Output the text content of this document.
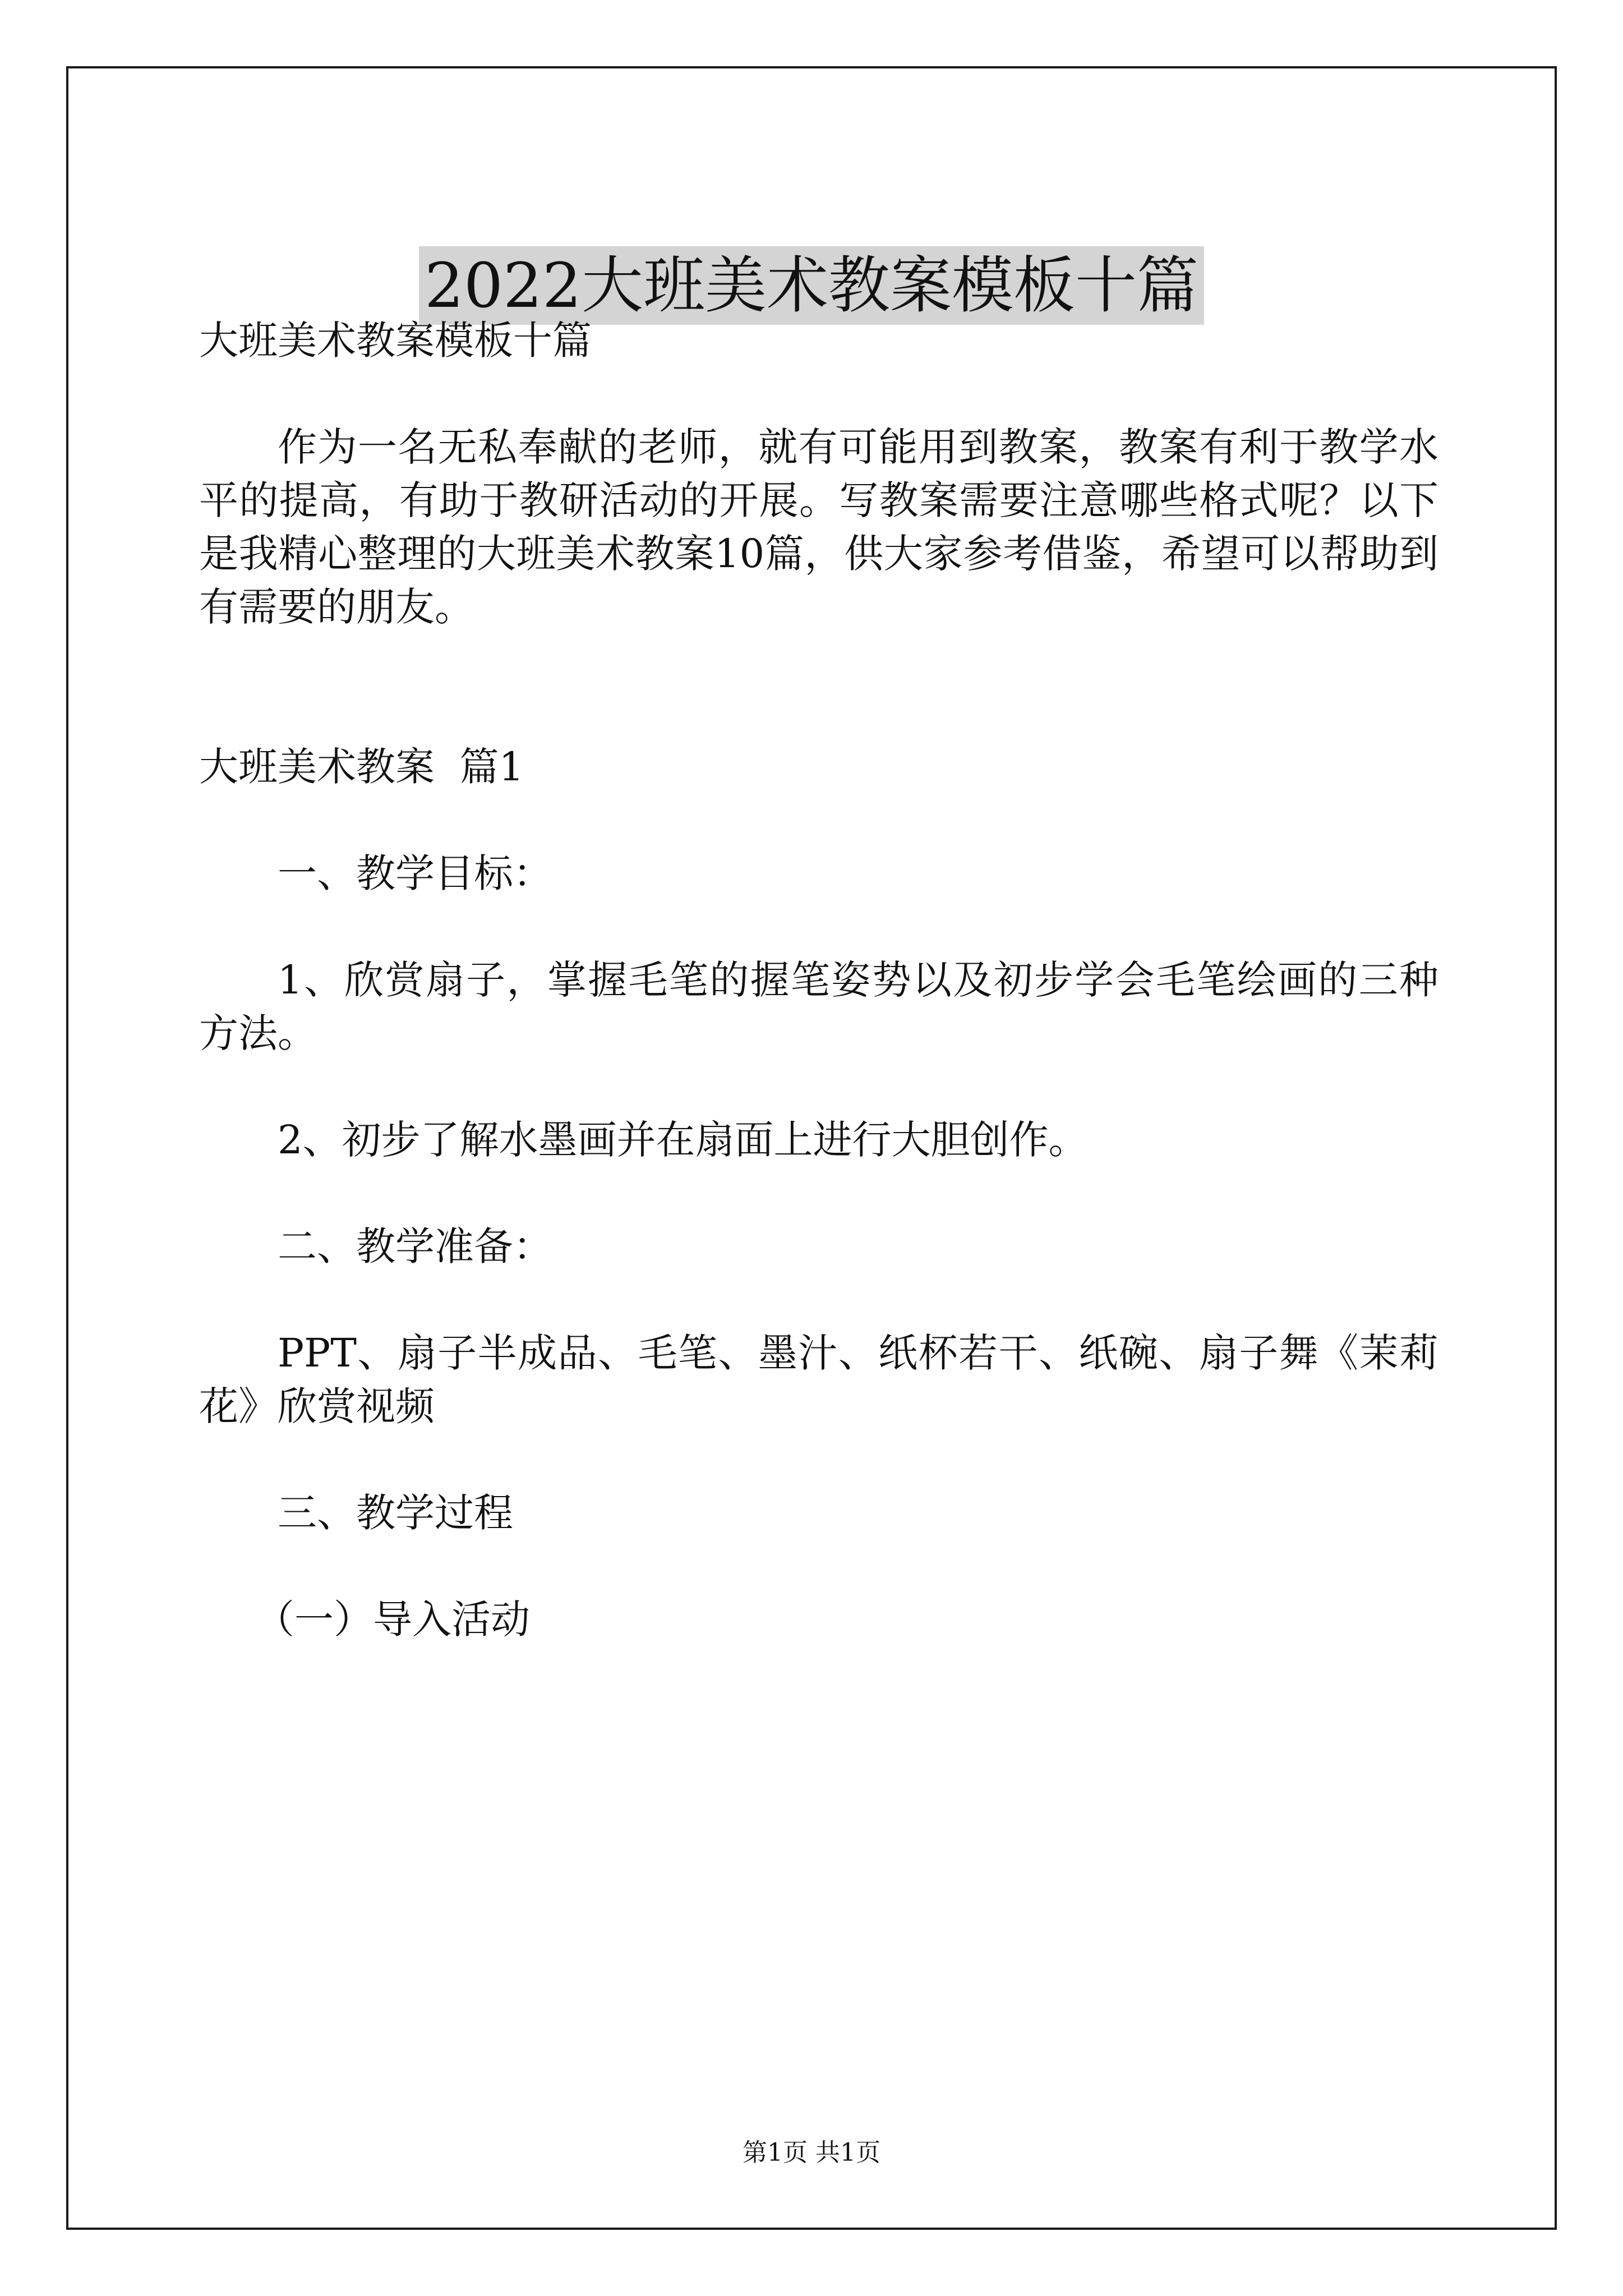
2022大班美术教案模板十篇

大班美术教案模板十篇

作为一名无私奉献的老师，就有可能用到教案，教案有利于教学水平的提高，有助于教研活动的开展。写教案需要注意哪些格式呢？以下是我精心整理的大班美术教案10篇，供大家参考借鉴，希望可以帮助到有需要的朋友。

大班美术教案  篇1

一、教学目标：

1、欣赏扇子，掌握毛笔的握笔姿势以及初步学会毛笔绘画的三种方法。

2、初步了解水墨画并在扇面上进行大胆创作。

二、教学准备：

PPT、扇子半成品、毛笔、墨汁、纸杯若干、纸碗、扇子舞《茉莉花》欣赏视频

三、教学过程

（一）导入活动

第1页 共1页
